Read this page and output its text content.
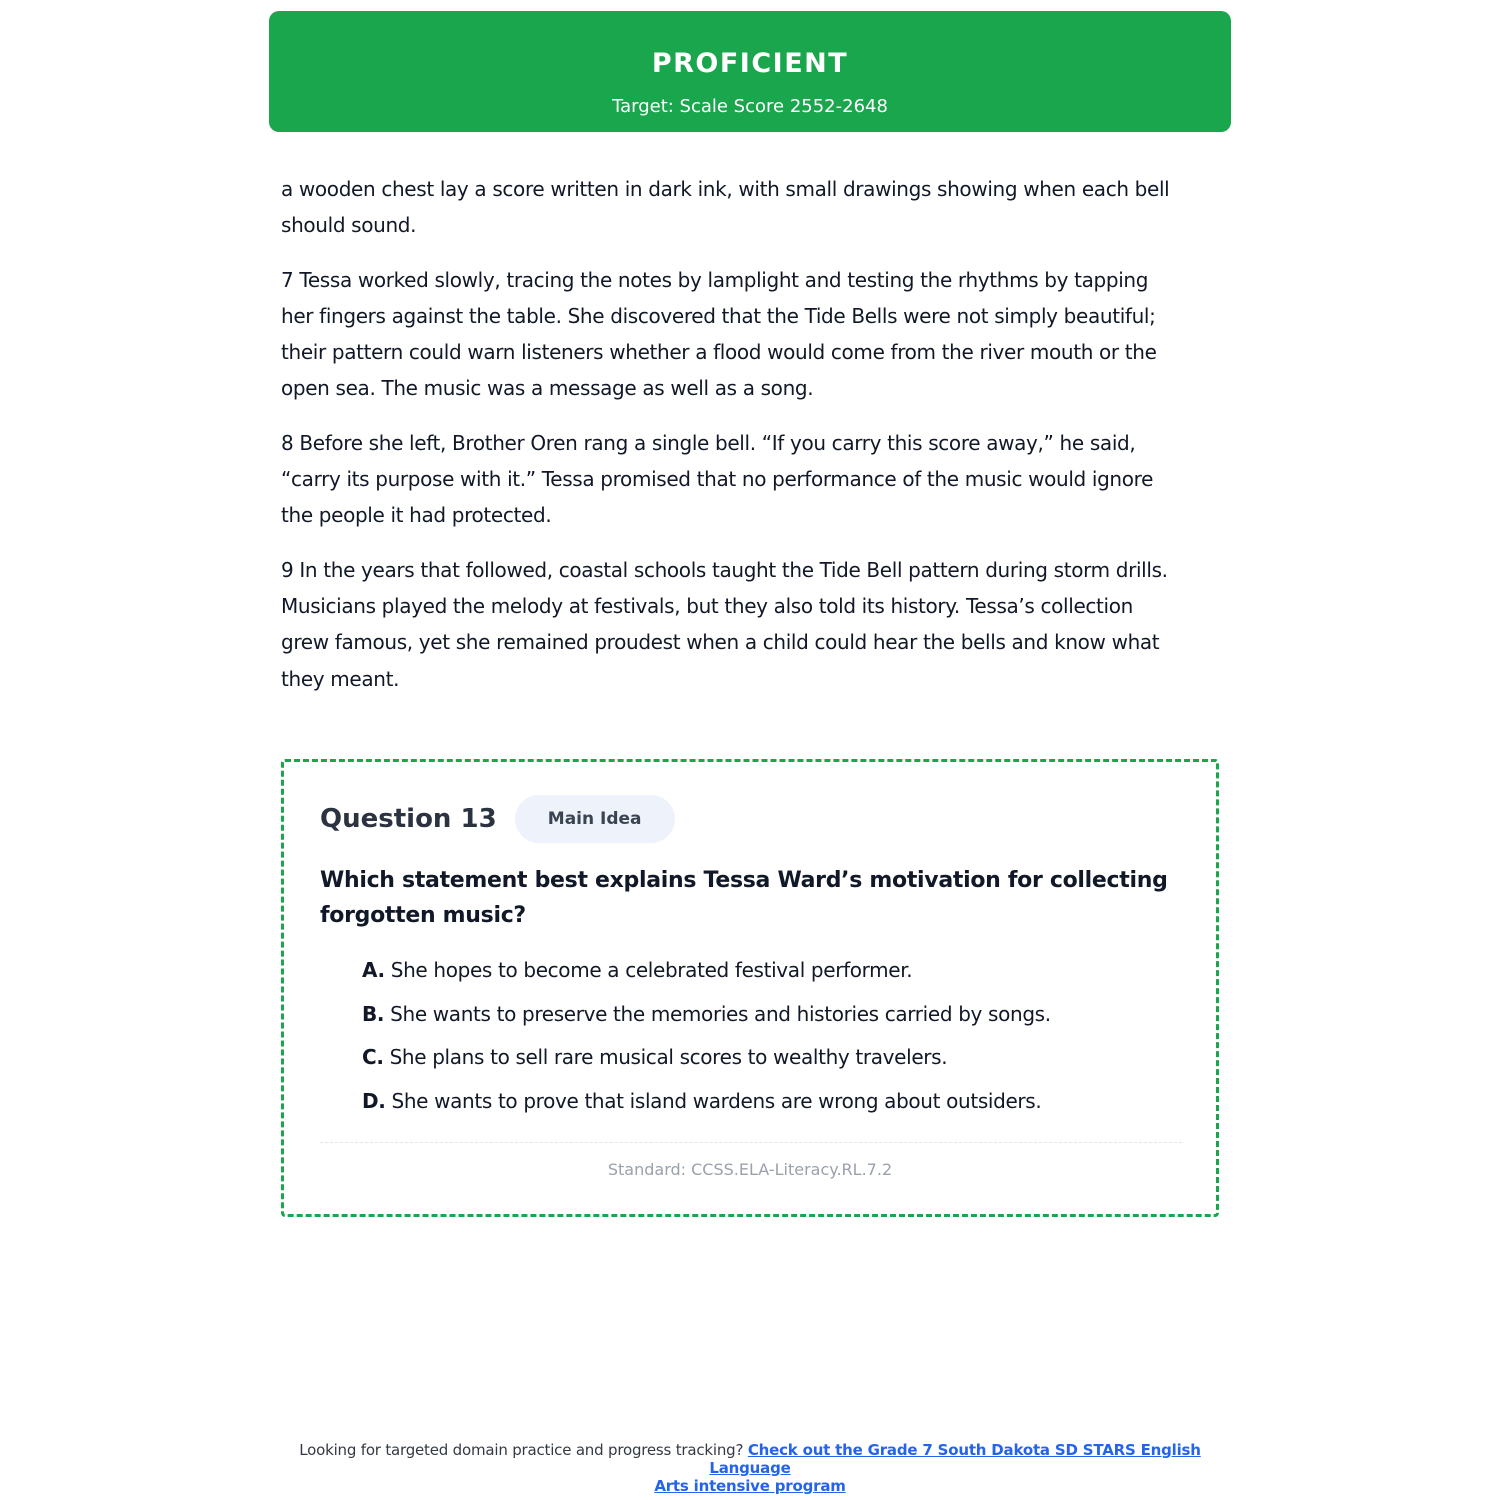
PROFICIENT
Target: Scale Score 2552-2648

a wooden chest lay a score written in dark ink, with small drawings showing when each bell
should sound.

7 Tessa worked slowly, tracing the notes by lamplight and testing the rhythms by tapping
her fingers against the table. She discovered that the Tide Bells were not simply beautiful;
their pattern could warn listeners whether a flood would come from the river mouth or the
open sea. The music was a message as well as a song.

8 Before she left, Brother Oren rang a single bell. “If you carry this score away,” he said,
“carry its purpose with it.” Tessa promised that no performance of the music would ignore
the people it had protected.

9 In the years that followed, coastal schools taught the Tide Bell pattern during storm drills.
Musicians played the melody at festivals, but they also told its history. Tessa’s collection
grew famous, yet she remained proudest when a child could hear the bells and know what
they meant.

Question 13	Main Idea
Which statement best explains Tessa Ward’s motivation for collecting
forgotten music?
A. She hopes to become a celebrated festival performer.
B. She wants to preserve the memories and histories carried by songs.
C. She plans to sell rare musical scores to wealthy travelers.
D. She wants to prove that island wardens are wrong about outsiders.
Standard: CCSS.ELA-Literacy.RL.7.2
Looking for targeted domain practice and progress tracking? Check out the Grade 7 South Dakota SD STARS English Language
Arts intensive program
